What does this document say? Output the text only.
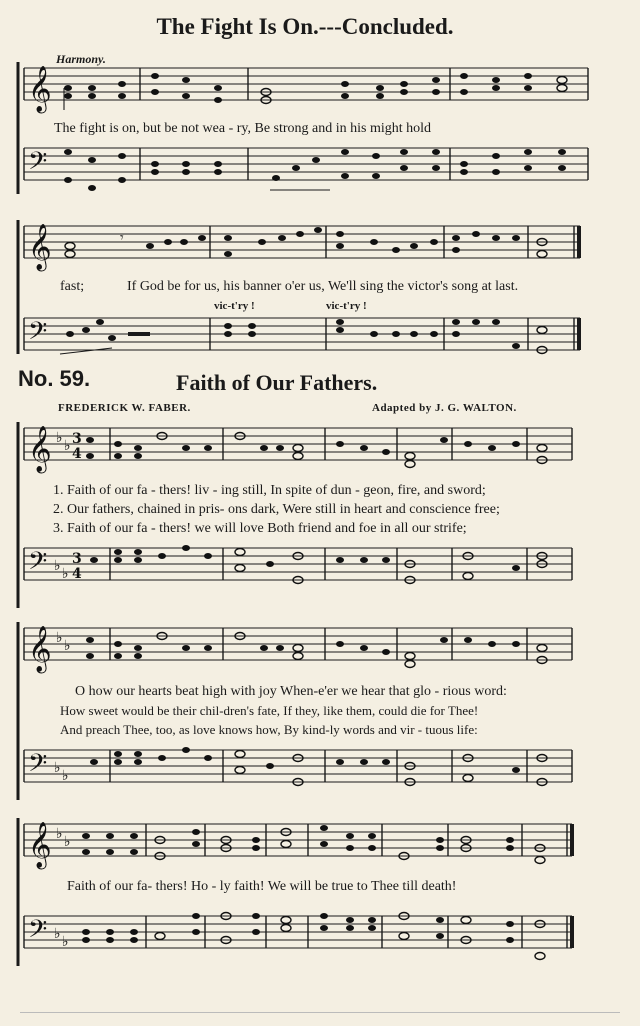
The Fight Is On.---Concluded.
Harmony.
𝄞
The fight is on, but be not wea - ry, Be strong and in his might hold
𝄢
𝄞	𝄾
fast;	If God be for us, his banner o'er us, We'll sing the victor's song at last.
vic-t'ry !	vic-t'ry !
𝄢
No. 59.	Faith of Our Fathers.
FREDERICK W. FABER.	Adapted by J. G. WALTON.
𝄞 ♭ ♭ 3
4
1. Faith of our fa - thers! liv - ing still, In spite of dun - geon, fire, and sword;
2. Our fathers, chained in pris- ons dark, Were still in heart and conscience free;
3. Faith of our fa - thers! we will love Both friend and foe in all our strife;
𝄢 ♭ ♭
3
4
𝄞 ♭ ♭
O how our hearts beat high with joy When-e'er we hear that glo - rious word:
How sweet would be their chil-dren's fate, If they, like them, could die for Thee!
And preach Thee, too, as love knows how, By kind-ly words and vir - tuous life:
𝄢 ♭ ♭
𝄞 ♭ ♭
Faith of our fa- thers! Ho - ly faith! We will be true to Thee till death!
𝄢 ♭ ♭
